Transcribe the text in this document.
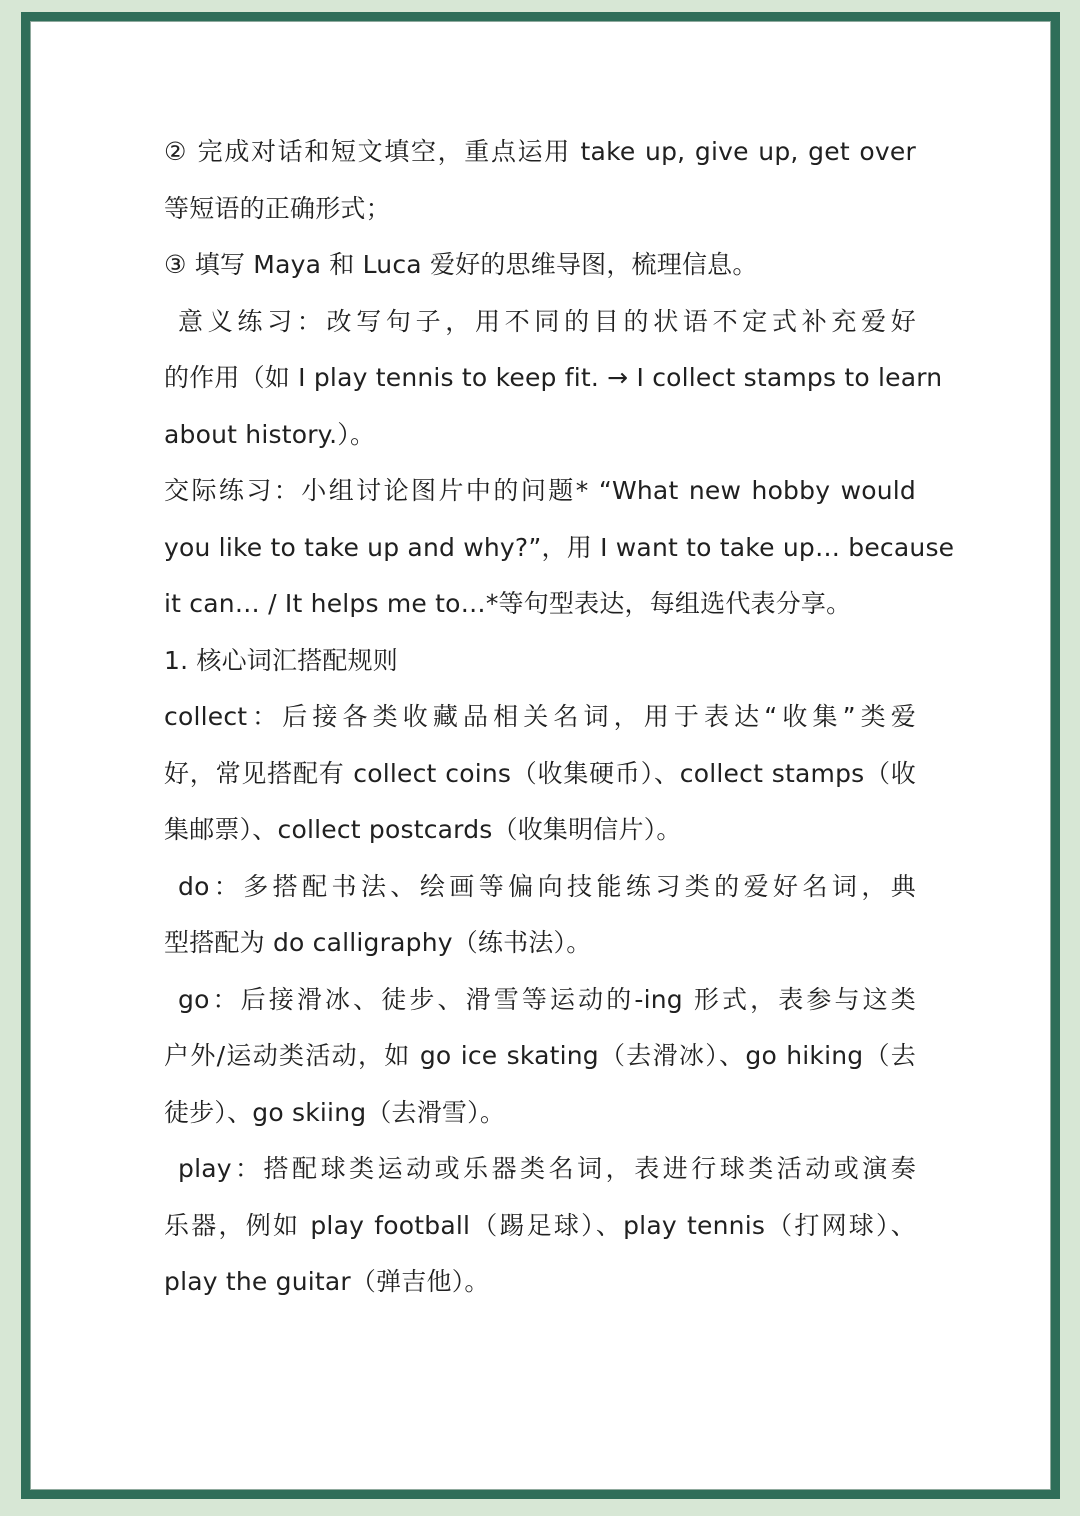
② 完成对话和短文填空，重点运用 take up, give up, get over
等短语的正确形式；
③ 填写 Maya 和 Luca 爱好的思维导图，梳理信息。
意义练习：改写句子，用不同的目的状语不定式补充爱好
的作用（如 I play tennis to keep fit. → I collect stamps to learn
about history.）。
交际练习：小组讨论图片中的问题* “What new hobby would
you like to take up and why?”，用 I want to take up… because
it can… / It helps me to…*等句型表达，每组选代表分享。
1. 核心词汇搭配规则
collect：后接各类收藏品相关名词，用于表达“收集”类爱
好，常见搭配有 collect coins（收集硬币）、collect stamps（收
集邮票）、collect postcards（收集明信片）。
do：多搭配书法、绘画等偏向技能练习类的爱好名词，典
型搭配为 do calligraphy（练书法）。
go：后接滑冰、徒步、滑雪等运动的-ing 形式，表参与这类
户外/运动类活动，如 go ice skating（去滑冰）、go hiking（去
徒步）、go skiing（去滑雪）。
play：搭配球类运动或乐器类名词，表进行球类活动或演奏
乐器，例如 play football（踢足球）、play tennis（打网球）、
play the guitar（弹吉他）。
